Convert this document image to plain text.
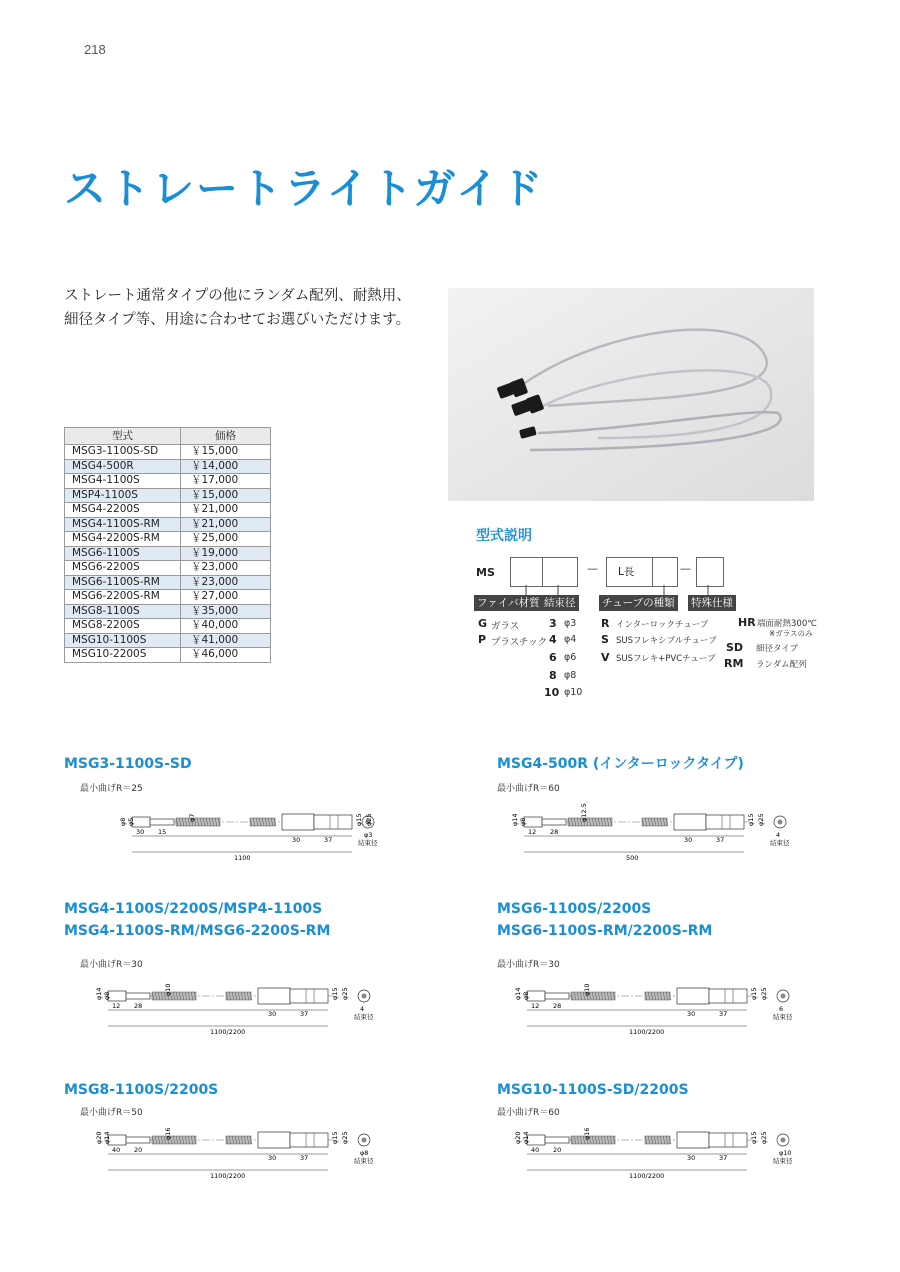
218
ストレートライトガイド
ストレート通常タイプの他にランダム配列、耐熱用、
細径タイプ等、用途に合わせてお選びいただけます。
型式	価格
MSG3-1100S-SD	￥15,000
MSG4-500R	￥14,000
MSG4-1100S	￥17,000
MSP4-1100S	￥15,000
MSG4-2200S	￥21,000
MSG4-1100S-RM	￥21,000
MSG4-2200S-RM	￥25,000
MSG6-1100S	￥19,000
MSG6-2200S	￥23,000
MSG6-1100S-RM	￥23,000
MSG6-2200S-RM	￥27,000
MSG8-1100S	￥35,000
MSG8-2200S	￥40,000
MSG10-1100S	￥41,000
MSG10-2200S	￥46,000
型式説明
MS	— L長	—
ファイバ材質 結束径	チューブの種類 特殊仕様
G ガラス
P プラスチック
3 φ3
4 φ4
6 φ6
8 φ8
10 φ10
R インターロックチューブ
S SUSフレキシブルチューブ
V SUSフレキ+PVCチューブ
HR 端面耐熱300℃
※ガラスのみ
SD 細径タイプ
RM ランダム配列
MSG3-1100S-SD
最小曲げR＝25
MSG4-500R (インターロックタイプ)
最小曲げR＝60
MSG4-1100S/2200S/MSP4-1100S
MSG4-1100S-RM/MSG6-2200S-RM
最小曲げR＝30
MSG6-1100S/2200S
MSG6-1100S-RM/2200S-RM
最小曲げR＝30
MSG8-1100S/2200S
最小曲げR＝50
MSG10-1100S-SD/2200S
最小曲げR＝60
30 15
30	37
1100
φ8 φ5	φ7	φ15 φ25
φ3
結束径
12 28
30	37
500
φ14 φ8	φ12.5	φ15 φ25
4
結束径
12 28
30	37
1100/2200
φ14 φ8	φ10	φ15 φ25
4
結束径
12 28
30	37
1100/2200
φ14 φ8	φ10	φ15 φ25
6
結束径
40 20
30	37
1100/2200
φ20 φ14	φ16	φ15 φ25
φ8
結束径
40 20
30	37
1100/2200
φ20 φ14	φ16	φ15 φ25
φ10
結束径
